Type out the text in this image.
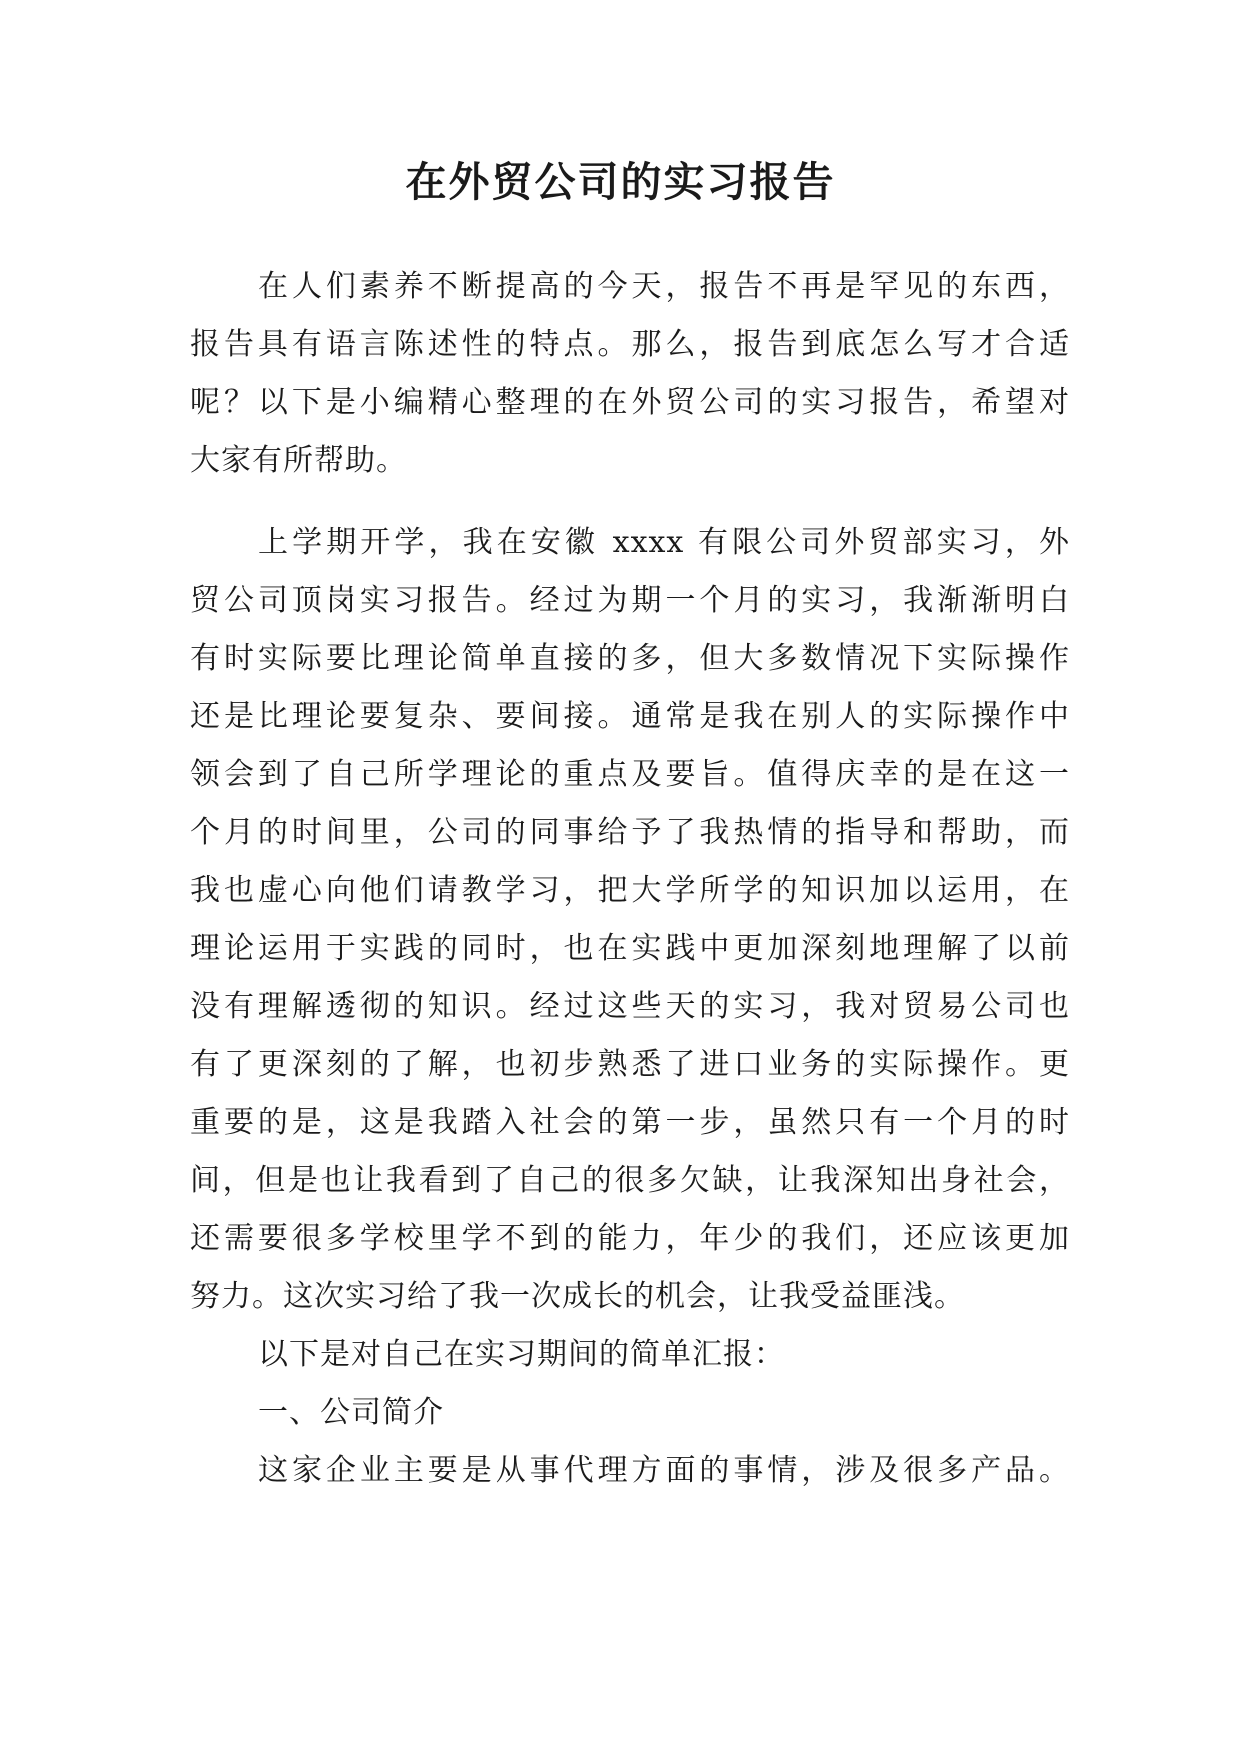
在外贸公司的实习报告
在人们素养不断提高的今天，报告不再是罕见的东西，
报告具有语言陈述性的特点。那么，报告到底怎么写才合适
呢？以下是小编精心整理的在外贸公司的实习报告，希望对
大家有所帮助。
上学期开学，我在安徽 xxxx 有限公司外贸部实习，外
贸公司顶岗实习报告。经过为期一个月的实习，我渐渐明白
有时实际要比理论简单直接的多，但大多数情况下实际操作
还是比理论要复杂、要间接。通常是我在别人的实际操作中
领会到了自己所学理论的重点及要旨。值得庆幸的是在这一
个月的时间里，公司的同事给予了我热情的指导和帮助，而
我也虚心向他们请教学习，把大学所学的知识加以运用，在
理论运用于实践的同时，也在实践中更加深刻地理解了以前
没有理解透彻的知识。经过这些天的实习，我对贸易公司也
有了更深刻的了解，也初步熟悉了进口业务的实际操作。更
重要的是，这是我踏入社会的第一步，虽然只有一个月的时
间，但是也让我看到了自己的很多欠缺，让我深知出身社会，
还需要很多学校里学不到的能力，年少的我们，还应该更加
努力。这次实习给了我一次成长的机会，让我受益匪浅。
以下是对自己在实习期间的简单汇报：
一、公司简介
这家企业主要是从事代理方面的事情，涉及很多产品。
